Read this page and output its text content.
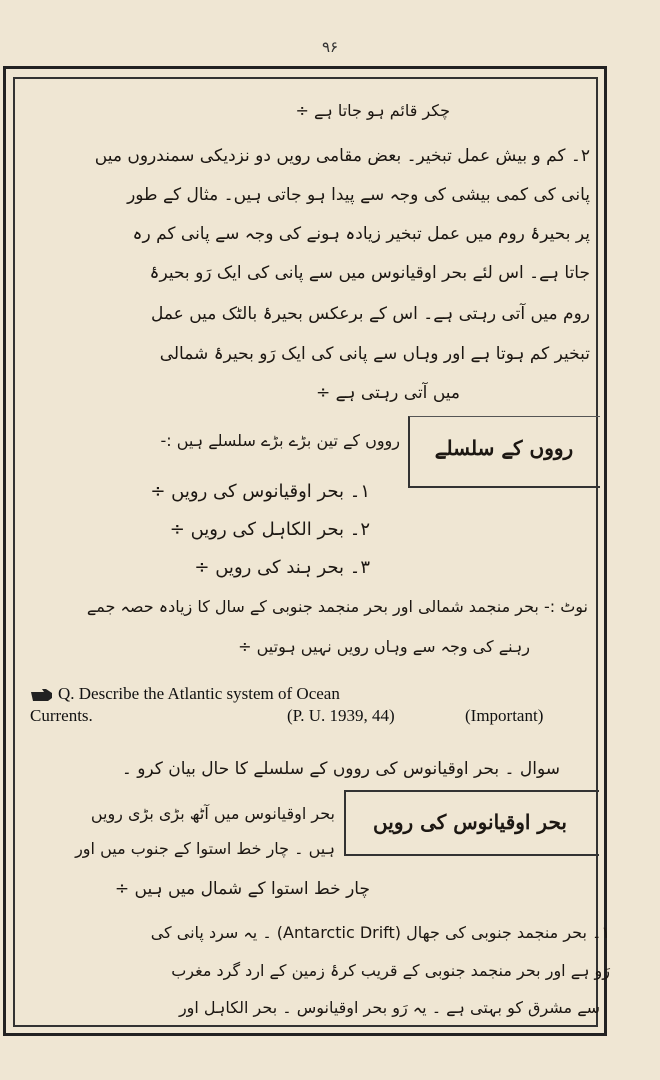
۹۶
چکر قائم ہو جاتا ہے ÷
۲۔ کم و بیش عمل تبخیر۔ بعض مقامی رویں دو نزدیکی سمندروں میں
پانی کی کمی بیشی کی وجہ سے پیدا ہو جاتی ہیں۔ مثال کے طور
پر بحیرۂ روم میں عمل تبخیر زیادہ ہونے کی وجہ سے پانی کم رہ
جاتا ہے۔ اس لئے بحر اوقیانوس میں سے پانی کی ایک رَو بحیرۂ
روم میں آتی رہتی ہے۔ اس کے برعکس بحیرۂ بالٹک میں عمل
تبخیر کم ہوتا ہے اور وہاں سے پانی کی ایک رَو بحیرۂ شمالی
میں آتی رہتی ہے ÷
رووں کے سلسلے
رووں کے تین بڑے بڑے سلسلے ہیں :-
۱۔ بحر اوقیانوس کی رویں ÷
۲۔ بحر الکاہل کی رویں ÷
۳۔ بحر ہند کی رویں ÷
نوٹ :- بحر منجمد شمالی اور بحر منجمد جنوبی کے سال کا زیادہ حصہ جمے
رہنے کی وجہ سے وہاں رویں نہیں ہوتیں ÷
Q. Describe the Atlantic system of Ocean
Currents.	(P. U. 1939, 44)	(Important)
سوال ۔ بحر اوقیانوس کی رووں کے سلسلے کا حال بیان کرو ۔
بحر اوقیانوس کی رویں
بحر اوقیانوس میں آٹھ بڑی بڑی رویں
ہیں ۔ چار خط استوا کے جنوب میں اور
چار خط استوا کے شمال میں ہیں ÷
۱۔ بحر منجمد جنوبی کی جھال (Antarctic Drift) ۔ یہ سرد پانی کی
رَو ہے اور بحر منجمد جنوبی کے قریب کرۂ زمین کے ارد گرد مغرب
سے مشرق کو بہتی ہے ۔ یہ رَو بحر اوقیانوس ۔ بحر الکاہل اور
